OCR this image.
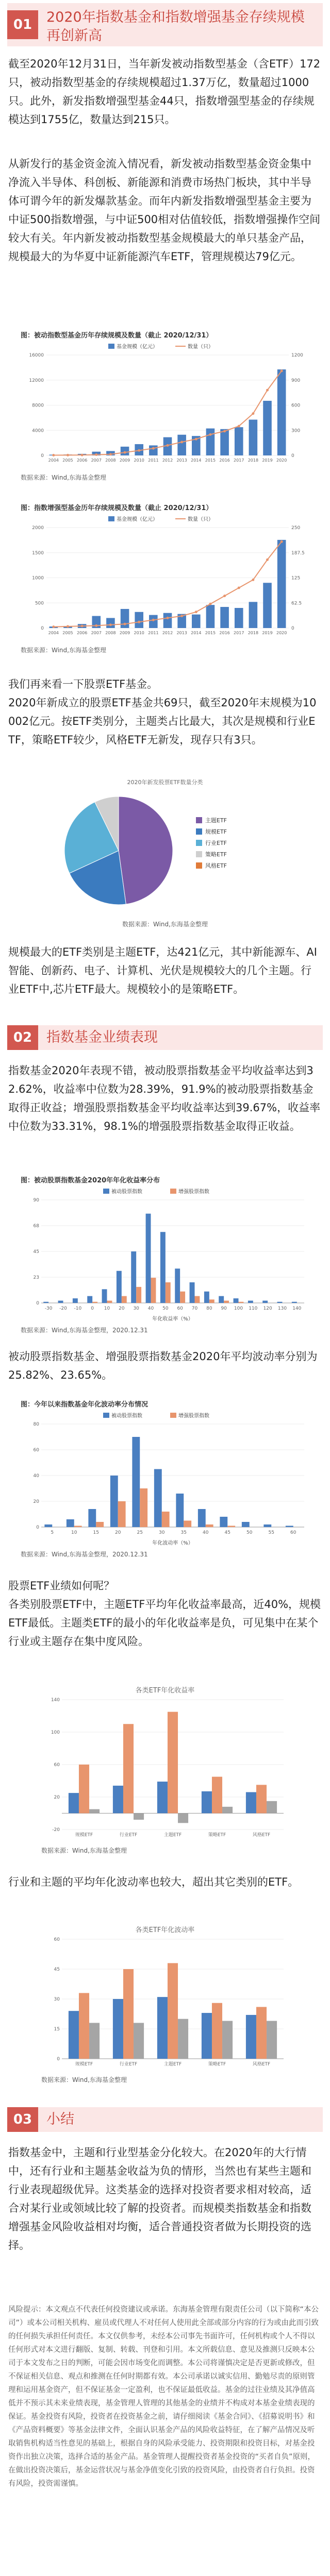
01	2020年指数基金和指数增强基金存续规模再创新高
截至2020年12月31日，当年新发被动指数型基金（含ETF）172只，被动指数型基金的存续规模超过1.37万亿，数量超过1000只。此外，新发指数增强型基金44只，指数增强型基金的存续规模达到1755亿，数量达到215只。
从新发行的基金资金流入情况看，新发被动指数型基金资金集中净流入半导体、科创板、新能源和消费市场热门板块，其中半导体可谓今年的新发爆款基金。而年内新发指数增强型基金主要为中证500指数增强，与中证500相对估值较低，指数增强操作空间较大有关。年内新发被动指数型基金规模最大的单只基金产品，规模最大的为华夏中证新能源汽车ETF，管理规模达79亿元。
图：被动指数型基金历年存续规模及数量（截止 2020/12/31）
基金规模（亿元）	数量（只）
0	0
4000	300
8000	600
12000	900
16000	1200
2004 2005 2006 2007 2008 2009 2010 2011 2012 2013 2014 2015 2016 2017 2018 2019 2020
数据来源：Wind,东海基金整理
图：指数增强型基金历年存续规模及数量（截止 2020/12/31）
基金规模（亿元）	数量（只）
0	0
500	62.5
1000	125
1500	187.5
2000	250
2004 2005 2006 2007 2008 2009 2010 2011 2012 2013 2014 2015 2016 2017 2018 2019 2020
数据来源：Wind,东海基金整理
我们再来看一下股票ETF基金。
2020年新成立的股票ETF基金共69只，截至2020年末规模为10002亿元。按ETF类别分，主题类占比最大，其次是规模和行业ETF，策略ETF较少，风格ETF无新发，现存只有3只。
2020年新发股票ETF数量分类
主题ETF
规模ETF
行业ETF
策略ETF
风格ETF
数据来源：Wind,东海基金整理
规模最大的ETF类别是主题ETF，达421亿元，其中新能源车、AI智能、创新药、电子、计算机、光伏是规模较大的几个主题。行业ETF中,芯片ETF最大。规模较小的是策略ETF。
02	指数基金业绩表现
指数基金2020年表现不错，被动股票指数基金平均收益率达到32.62%，收益率中位数为28.39%，91.9%的被动股票指数基金取得正收益；增强股票指数基金平均收益率达到39.67%，收益率中位数为33.31%，98.1%的增强股票指数基金取得正收益。
图：被动股票指数基金2020年年化收益率分布
0
23
45
68
90
-30 -20 -10 0 10 20 30 40 50 60 70 80 90 100 110 120 130 140
年化收益率（%）
被动股票指数	增强股票指数
数据来源：Wind,东海基金整理，2020.12.31
被动股票指数基金、增强股票指数基金2020年平均波动率分别为25.82%、23.65%。
图：今年以来指数基金年化波动率分布情况
0
20
40
60
80
5	10	15	20	25	30	35	40	45	50	55	60
年化波动率（%）
被动股票指数	增强股票指数
数据来源：Wind,东海基金整理，2020.12.31
股票ETF业绩如何呢？
各类别股票ETF中，主题ETF平均年化收益率最高，近40%，规模ETF最低。主题类ETF的最小的年化收益率是负，可见集中在某个行业或主题存在集中度风险。
各类ETF年化收益率
-20
20
60
100
140
规模ETF	行业ETF	主题ETF	策略ETF	风格ETF
数据来源：Wind,东海基金整理
行业和主题的平均年化波动率也较大，超出其它类别的ETF。
各类ETF年化波动率
0
15
30
45
60
规模ETF	行业ETF	主题ETF	策略ETF	风格ETF
数据来源：Wind,东海基金整理
03	小结
指数基金中，主题和行业型基金分化较大。在2020年的大行情中，还有行业和主题基金收益为负的情形，当然也有某些主题和行业表现超级优异。这类基金的选择对投资者要求相对较高，适合对某行业或领域比较了解的投资者。而规模类指数基金和指数增强基金风险收益相对均衡，适合普通投资者做为长期投资的选择。
风险提示：本文观点不代表任何投资建议或承诺。东海基金管理有限责任公司（以下简称“本公司”）或本公司相关机构、雇员或代理人不对任何人使用此全部或部分内容的行为或由此而引致的任何损失承担任何责任。本文仅供参考，未经本公司事先书面许可，任何机构或个人不得以任何形式对本文进行翻版、复制、转载、刊登和引用。本文所载信息、意见及推测只反映本公司于本文发布之日的判断，可能会因市场变化而调整。本公司将谨慎决定是否更新或修改，但不保证相关信息、观点和推测在任何时期都有效。本公司承诺以诚实信用、勤勉尽责的原则管理和运用基金资产，但不保证基金一定盈利，也不保证最低收益。基金的过往业绩及其净值高低并不预示其未来业绩表现，基金管理人管理的其他基金的业绩并不构成对本基金业绩表现的保证。基金投资有风险，投资者在投资基金之前，请仔细阅读《基金合同》、《招募说明书》和《产品资料概要》等基金法律文件，全面认识基金产品的风险收益特征，在了解产品情况及听取销售机构适当性意见的基础上，根据自身的风险承受能力、投资期限和投资目标，对基金投资作出独立决策，选择合适的基金产品。基金管理人提醒投资者基金投资的“买者自负”原则，在做出投资决策后，基金运营状况与基金净值变化引致的投资风险，由投资者自行负担。投资有风险，投资需谨慎。
